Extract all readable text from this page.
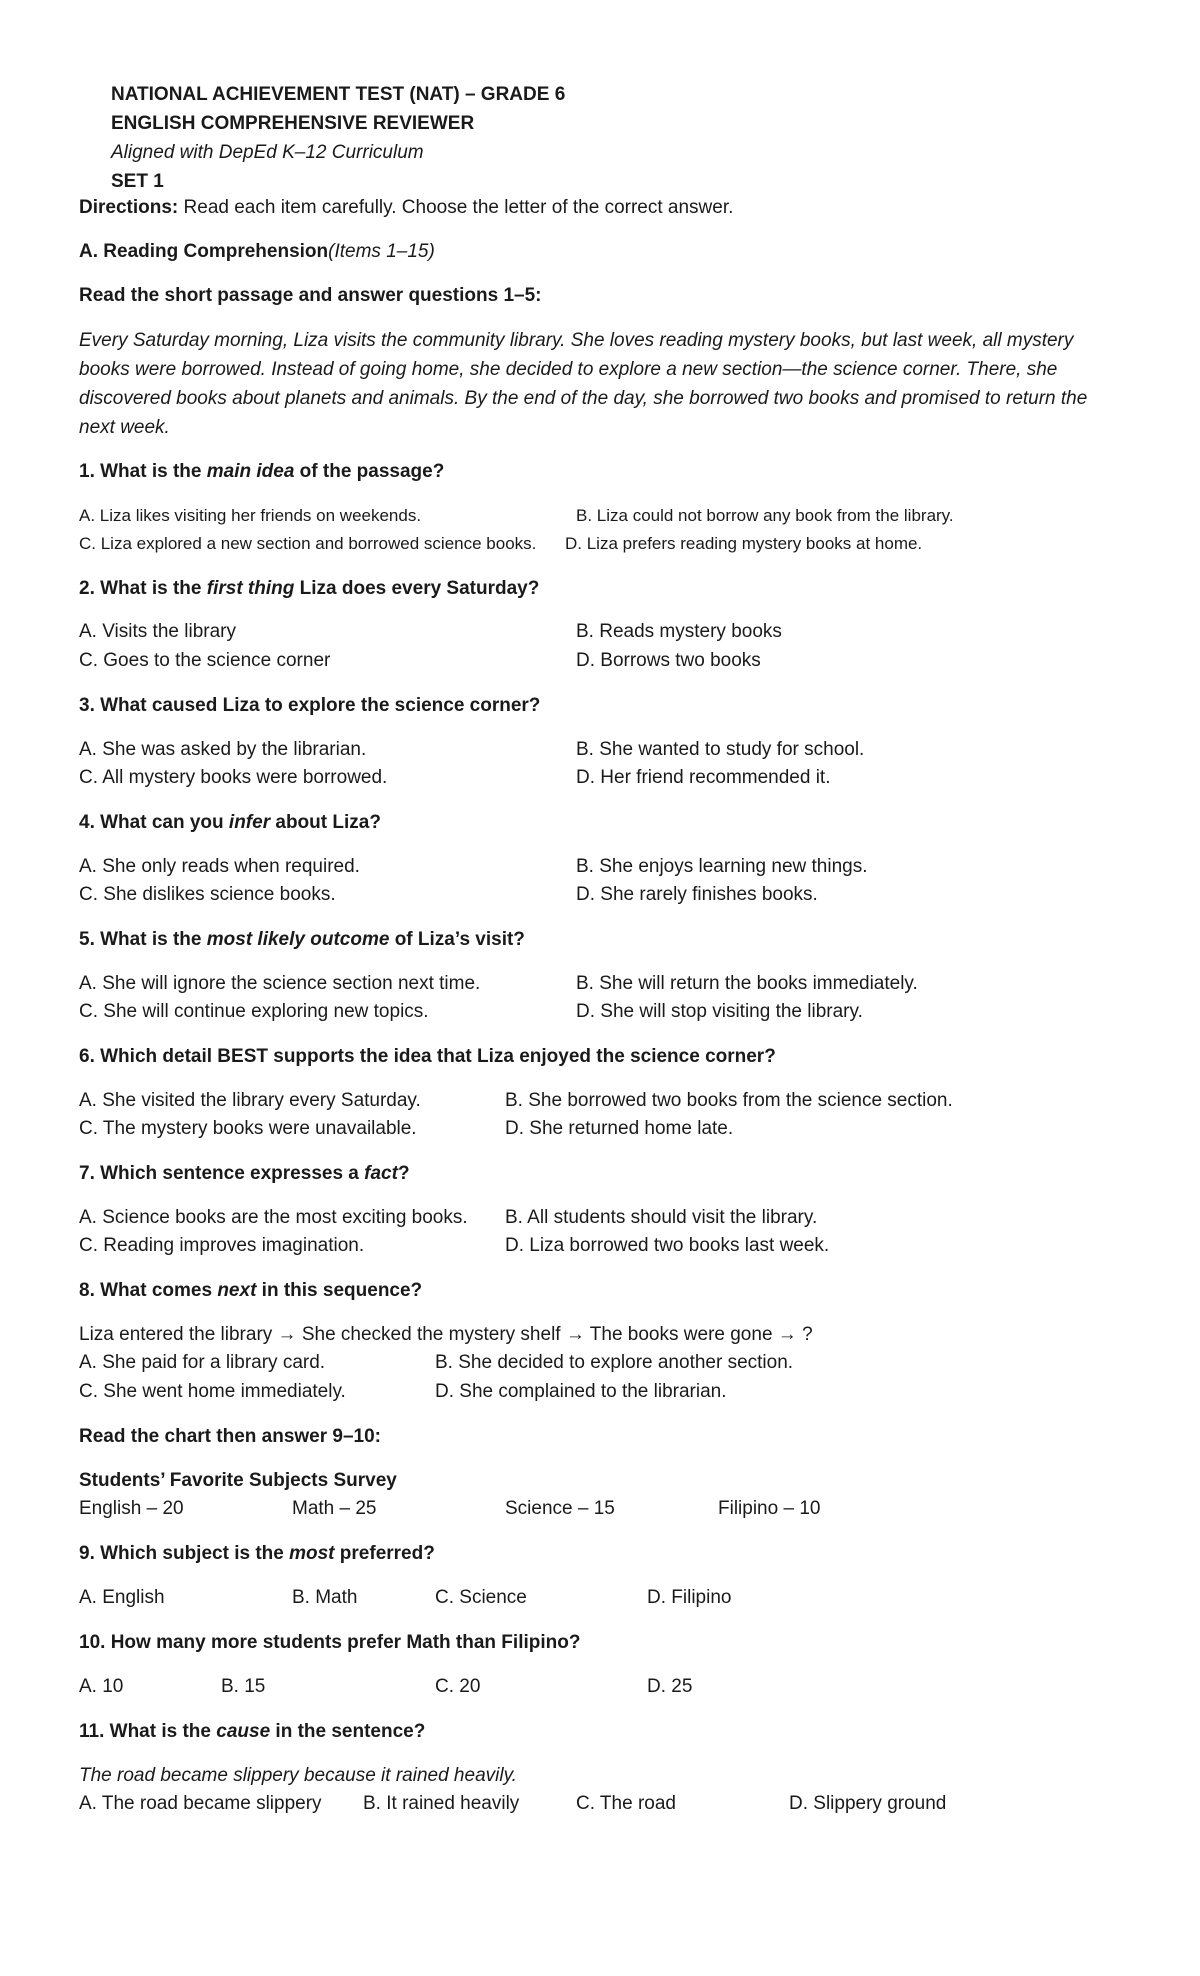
NATIONAL ACHIEVEMENT TEST (NAT) – GRADE 6
ENGLISH COMPREHENSIVE REVIEWER
Aligned with DepEd K–12 Curriculum
SET 1
Directions: Read each item carefully. Choose the letter of the correct answer.
A. Reading Comprehension(Items 1–15)
Read the short passage and answer questions 1–5:
Every Saturday morning, Liza visits the community library. She loves reading mystery books, but last week, all mystery books were borrowed. Instead of going home, she decided to explore a new section—the science corner. There, she discovered books about planets and animals. By the end of the day, she borrowed two books and promised to return the next week.
1. What is the main idea of the passage?
A. Liza likes visiting her friends on weekends.	B. Liza could not borrow any book from the library.
C. Liza explored a new section and borrowed science books. D. Liza prefers reading mystery books at home.
2. What is the first thing Liza does every Saturday?
A. Visits the library	B. Reads mystery books
C. Goes to the science corner	D. Borrows two books
3. What caused Liza to explore the science corner?
A. She was asked by the librarian.	B. She wanted to study for school.
C. All mystery books were borrowed.	D. Her friend recommended it.
4. What can you infer about Liza?
A. She only reads when required.	B. She enjoys learning new things.
C. She dislikes science books.	D. She rarely finishes books.
5. What is the most likely outcome of Liza’s visit?
A. She will ignore the science section next time.	B. She will return the books immediately.
C. She will continue exploring new topics.	D. She will stop visiting the library.
6. Which detail BEST supports the idea that Liza enjoyed the science corner?
A. She visited the library every Saturday.	B. She borrowed two books from the science section.
C. The mystery books were unavailable.	D. She returned home late.
7. Which sentence expresses a fact?
A. Science books are the most exciting books. B. All students should visit the library.
C. Reading improves imagination.	D. Liza borrowed two books last week.
8. What comes next in this sequence?
Liza entered the library → She checked the mystery shelf → The books were gone → ?
A. She paid for a library card.	B. She decided to explore another section.
C. She went home immediately.	D. She complained to the librarian.
Read the chart then answer 9–10:
Students’ Favorite Subjects Survey
English – 20	Math – 25	Science – 15	Filipino – 10
9. Which subject is the most preferred?
A. English	B. Math	C. Science	D. Filipino
10. How many more students prefer Math than Filipino?
A. 10	B. 15	C. 20	D. 25
11. What is the cause in the sentence?
The road became slippery because it rained heavily.
A. The road became slippery B. It rained heavily	C. The road	D. Slippery ground
